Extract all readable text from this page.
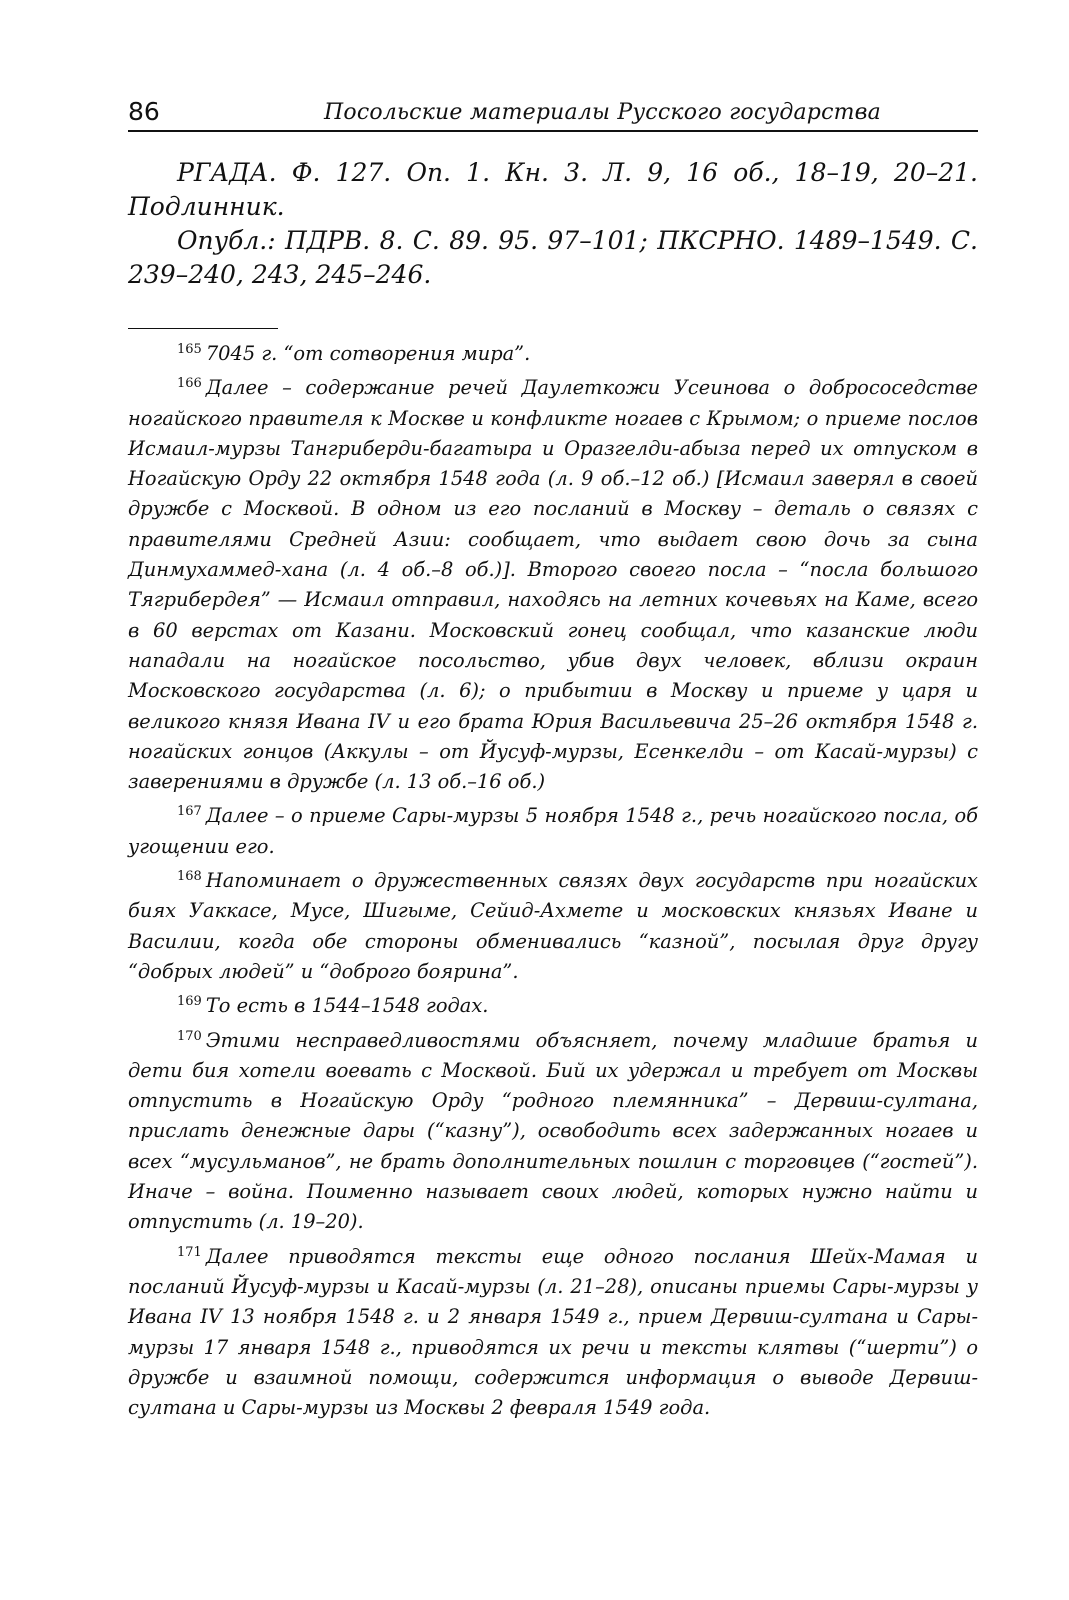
86	Посольские материалы Русского государства

РГАДА. Ф. 127. Оп. 1. Кн. 3. Л. 9, 16 об., 18–19, 20–21. Подлинник.

Опубл.: ПДРВ. 8. С. 89. 95. 97–101; ПКСРНО. 1489–1549. С. 239–240, 243, 245–246.

$^{165}$ 7045 г. “от сотворения мира”.

$^{166}$ Далее – содержание речей Даулеткожи Усеинова о добрососедстве ногайского правителя к Москве и конфликте ногаев с Крымом; о приеме послов Исмаил-мурзы Тангриберди-багатыра и Оразгелди-абыза перед их отпуском в Ногайскую Орду 22 октября 1548 года (л. 9 об.–12 об.) [Исмаил заверял в своей дружбе с Москвой. В одном из его посланий в Москву – деталь о связях с правителями Средней Азии: сообщает, что выдает свою дочь за сына Динмухаммед-хана (л. 4 об.–8 об.)]. Второго своего посла – “посла большого Тягрибердея” — Исмаил отправил, находясь на летних кочевьях на Каме, всего в 60 верстах от Казани. Московский гонец сообщал, что казанские люди нападали на ногайское посольство, убив двух человек, вблизи окраин Московского государства (л. 6); о прибытии в Москву и приеме у царя и великого князя Ивана IV и его брата Юрия Васильевича 25–26 октября 1548 г. ногайских гонцов (Аккулы – от Йусуф-мурзы, Есенкелди – от Касай-мурзы) с заверениями в дружбе (л. 13 об.–16 об.)

$^{167}$ Далее – о приеме Сары-мурзы 5 ноября 1548 г., речь ногайского посла, об угощении его.

$^{168}$ Напоминает о дружественных связях двух государств при ногайских биях Уаккасе, Мусе, Шигыме, Сейид-Ахмете и московских князьях Иване и Василии, когда обе стороны обменивались “казной”, посылая друг другу “добрых людей” и “доброго боярина”.

$^{169}$ То есть в 1544–1548 годах.

$^{170}$ Этими несправедливостями объясняет, почему младшие братья и дети бия хотели воевать с Москвой. Бий их удержал и требует от Москвы отпустить в Ногайскую Орду “родного племянника” – Дервиш-султана, прислать денежные дары (“казну”), освободить всех задержанных ногаев и всех “мусульманов”, не брать дополнительных пошлин с торговцев (“гостей”). Иначе – война. Поименно называет своих людей, которых нужно найти и отпустить (л. 19–20).

$^{171}$ Далее приводятся тексты еще одного послания Шейх-Мамая и посланий Йусуф-мурзы и Касай-мурзы (л. 21–28), описаны приемы Сары-мурзы у Ивана IV 13 ноября 1548 г. и 2 января 1549 г., прием Дервиш-султана и Сары-мурзы 17 января 1548 г., приводятся их речи и тексты клятвы (“шерти”) о дружбе и взаимной помощи, содержится информация о выводе Дервиш-султана и Сары-мурзы из Москвы 2 февраля 1549 года.
